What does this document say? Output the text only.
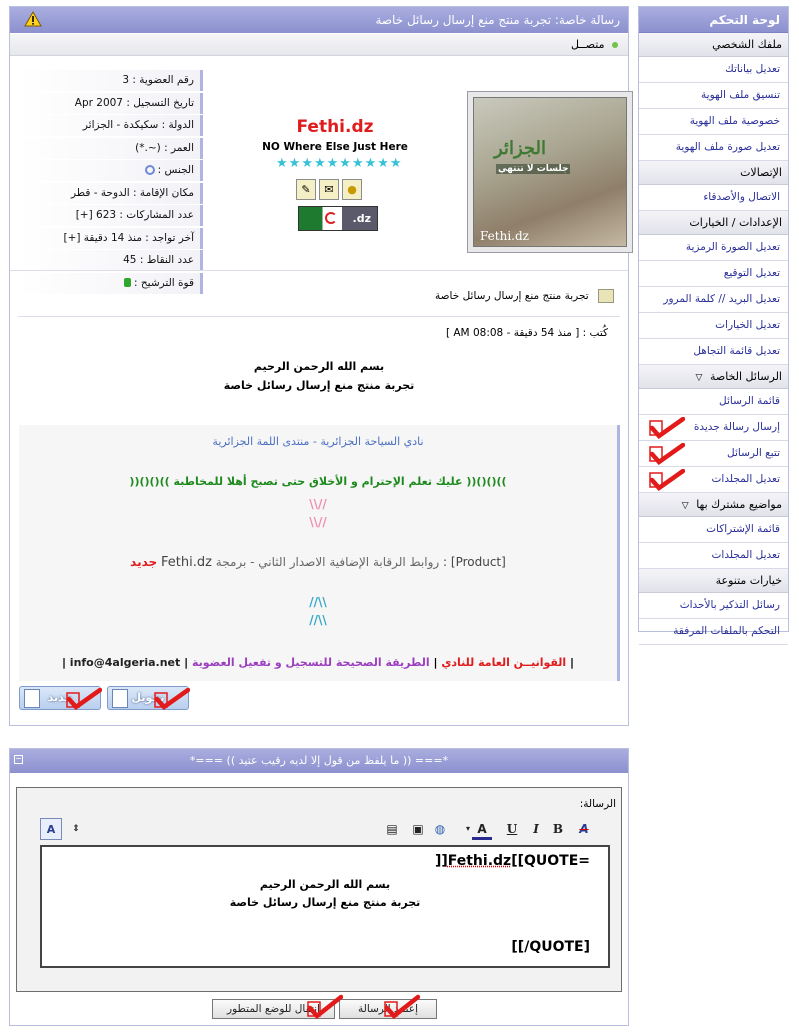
لوحة التحكم
ملفك الشخصي
تعديل بياناتك
تنسيق ملف الهوية
خصوصية ملف الهوية
تعديل صورة ملف الهوية
الإتصالات
الاتصال والأصدقاء
الإعدادات / الخيارات
تعديل الصورة الرمزية
تعديل التوقيع
تعديل البريد // كلمة المرور
تعديل الخيارات
تعديل قائمة التجاهل
الرسائل الخاصة ▽
قائمة الرسائل
إرسال رسالة جديدة
تتبع الرسائل
تعديل المجلدات
مواضيع مشترك بها ▽
قائمة الإشتراكات
تعديل المجلدات
خيارات متنوعة
رسائل التذكير بالأحداث
التحكم بالملفات المرفقة
رسالة خاصة: تجربة منتج منع إرسال رسائل خاصة
متصــل
رقم العضوية : 3
تاريخ التسجيل : Apr 2007
الدولة : سكيكدة - الجزائر
العمر : (~.*)
الجنس :
مكان الإقامة : الدوحة - قطر
عدد المشاركات : 623 [+]
آخر تواجد : منذ 14 دقيقة [+]
عدد النقاط : 45
قوة الترشيح :
Fethi.dz
NO Where Else Just Here
★ ★ ★ ★ ★ ★ ★ ★ ★ ★
✎	✉	●
.dz
الجزائر
جلسات لا تنتهي
Fethi.dz
تجربة منتج منع إرسال رسائل خاصة
كُتب : [ منذ 54 دقيقة - 08:08 AM ]
بسم الله الرحمن الرحيم
تجربة منتج منع إرسال رسائل خاصة
نادي السياحة الجزائرية - منتدى اللمة الجزائرية
))()()(( عليك تعلم الإحترام و الأخلاق حتى تصبح أهلا للمخاطبة ))()()((
\\//
\\//
[Product] : روابط الرقابة الإضافية الاصدار الثاني - برمجة Fethi.dz جديد
//\\
//\\
| القوانيــن العامة للنادي | الطريقة الصحيحة للتسجيل و تفعيل العضوية | info@4algeria.net |
تحويل
جديد
*=== (( ما يلفظ من قول إلا لديه رقيب عتيد )) ===*
−
الرسالة:
A	⇕	▤	▣ ◍	▾ A	U	I	B	A
]]Fethi.dz[[QUOTE=
بسم الله الرحمن الرحيم
تجربة منتج منع إرسال رسائل خاصة
[[/QUOTE]
إعتمد الرسالة
انتقال للوضع المتطور
